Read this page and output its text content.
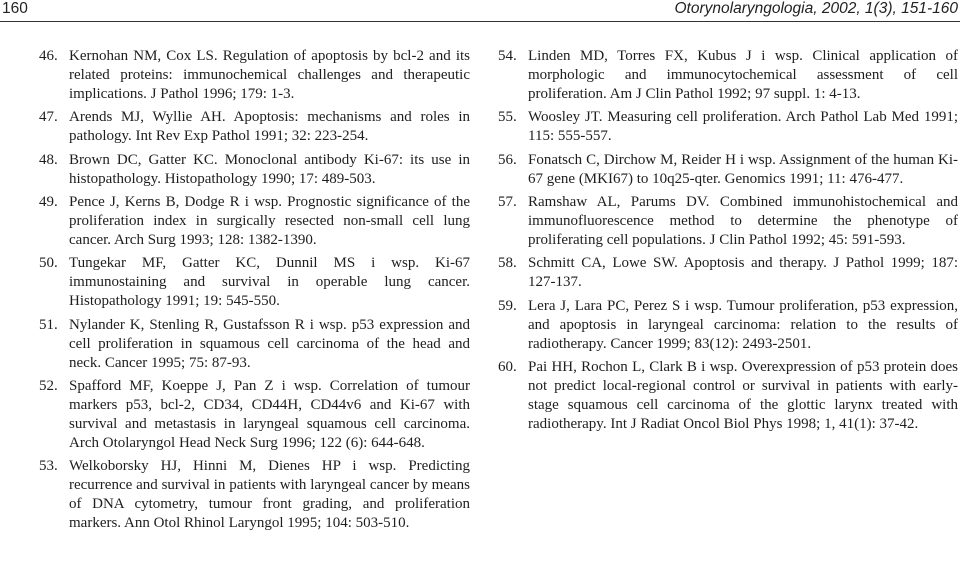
160	Otorynolaryngologia, 2002, 1(3), 151-160
46. Kernohan NM, Cox LS. Regulation of apoptosis by bcl-2 and its related proteins: immunochemical challenges and therapeutic implications. J Pathol 1996; 179: 1-3.
47. Arends MJ, Wyllie AH. Apoptosis: mechanisms and roles in pathology. Int Rev Exp Pathol 1991; 32: 223-254.
48. Brown DC, Gatter KC. Monoclonal antibody Ki-67: its use in histopathology. Histopathology 1990; 17: 489-503.
49. Pence J, Kerns B, Dodge R i wsp. Prognostic significance of the proliferation index in surgically resected non-small cell lung cancer. Arch Surg 1993; 128: 1382-1390.
50. Tungekar MF, Gatter KC, Dunnil MS i wsp. Ki-67 immunostaining and survival in operable lung cancer. Histopathology 1991; 19: 545-550.
51. Nylander K, Stenling R, Gustafsson R i wsp. p53 expression and cell proliferation in squamous cell carcinoma of the head and neck. Cancer 1995; 75: 87-93.
52. Spafford MF, Koeppe J, Pan Z i wsp. Correlation of tumour markers p53, bcl-2, CD34, CD44H, CD44v6 and Ki-67 with survival and metastasis in laryngeal squamous cell carcinoma. Arch Otolaryngol Head Neck Surg 1996; 122 (6): 644-648.
53. Welkoborsky HJ, Hinni M, Dienes HP i wsp. Predicting recurrence and survival in patients with laryngeal cancer by means of DNA cytometry, tumour front grading, and proliferation markers. Ann Otol Rhinol Laryngol 1995; 104: 503-510.
54. Linden MD, Torres FX, Kubus J i wsp. Clinical application of morphologic and immunocytochemical assessment of cell proliferation. Am J Clin Pathol 1992; 97 suppl. 1: 4-13.
55. Woosley JT. Measuring cell proliferation. Arch Pathol Lab Med 1991; 115: 555-557.
56. Fonatsch C, Dirchow M, Reider H i wsp. Assignment of the human Ki-67 gene (MKI67) to 10q25-qter. Genomics 1991; 11: 476-477.
57. Ramshaw AL, Parums DV. Combined immunohistochemical and immunofluorescence method to determine the phenotype of proliferating cell populations. J Clin Pathol 1992; 45: 591-593.
58. Schmitt CA, Lowe SW. Apoptosis and therapy. J Pathol 1999; 187: 127-137.
59. Lera J, Lara PC, Perez S i wsp. Tumour proliferation, p53 expression, and apoptosis in laryngeal carcinoma: relation to the results of radiotherapy. Cancer 1999; 83(12): 2493-2501.
60. Pai HH, Rochon L, Clark B i wsp. Overexpression of p53 protein does not predict local-regional control or survival in patients with early-stage squamous cell carcinoma of the glottic larynx treated with radiotherapy. Int J Radiat Oncol Biol Phys 1998; 1, 41(1): 37-42.
